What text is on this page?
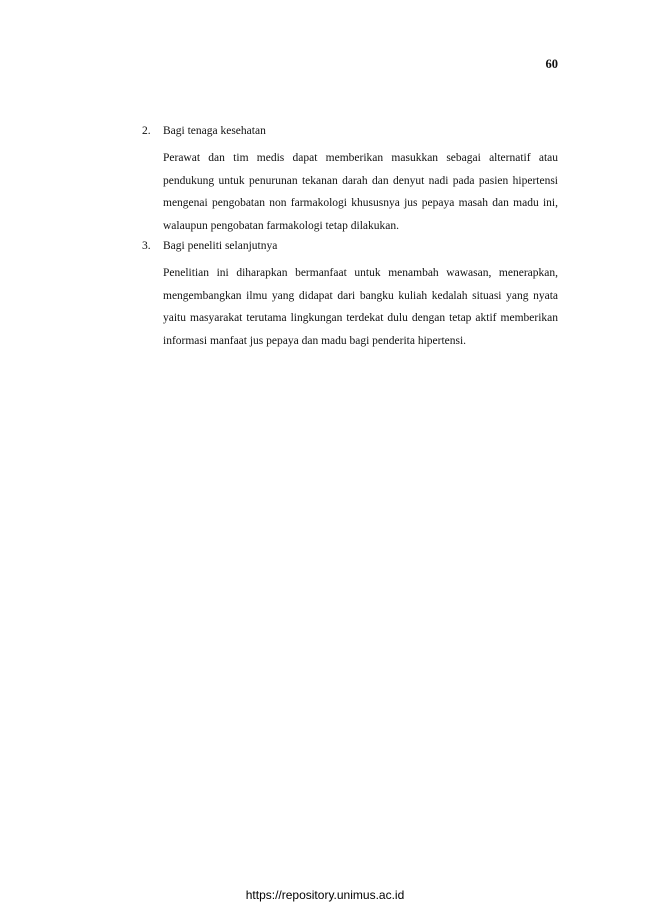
60
2. Bagi tenaga kesehatan
Perawat dan tim medis dapat memberikan masukkan sebagai alternatif atau pendukung untuk penurunan tekanan darah dan denyut nadi pada pasien hipertensi mengenai pengobatan non farmakologi khususnya jus pepaya masah dan madu ini, walaupun pengobatan farmakologi tetap dilakukan.
3. Bagi peneliti selanjutnya
Penelitian ini diharapkan bermanfaat untuk menambah wawasan, menerapkan, mengembangkan ilmu yang didapat dari bangku kuliah kedalah situasi yang nyata yaitu masyarakat terutama lingkungan terdekat dulu dengan tetap aktif memberikan informasi manfaat jus pepaya dan madu bagi penderita hipertensi.
https://repository.unimus.ac.id
